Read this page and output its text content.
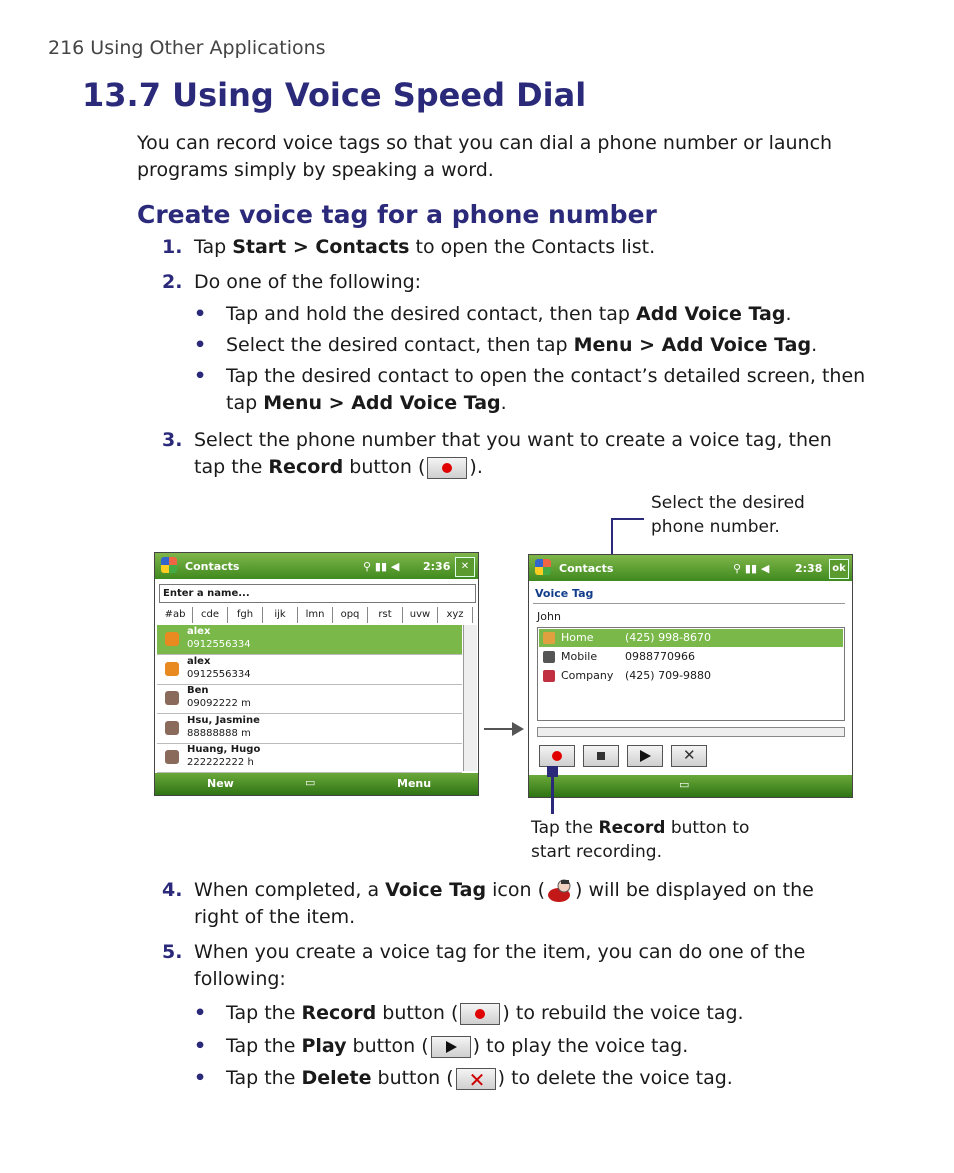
216 Using Other Applications
13.7 Using Voice Speed Dial
You can record voice tags so that you can dial a phone number or launch programs simply by speaking a word.
Create voice tag for a phone number
1. Tap Start > Contacts to open the Contacts list.
2. Do one of the following:
• Tap and hold the desired contact, then tap Add Voice Tag.
• Select the desired contact, then tap Menu > Add Voice Tag.
• Tap the desired contact to open the contact’s detailed screen, then tap Menu > Add Voice Tag.
3. Select the phone number that you want to create a voice tag, then tap the Record button ( ).
Select the desired phone number.
Contacts	⚲ ▮▮ ◀ 2:36	✕
Enter a name...
#ab	cde	fgh	ijk	lmn	opq	rst	uvw	xyz
alex
0912556334
alex
0912556334
Ben
09092222 m
Hsu, Jasmine
88888888 m
Huang, Hugo
222222222 h
New	▭	Menu
Contacts	⚲ ▮▮ ◀ 2:38 ok
Voice Tag
John
Home	(425) 998-8670
Mobile	0988770966
Company (425) 709-9880
✕
▭
Tap the Record button to start recording.
4. When completed, a Voice Tag icon ( ) will be displayed on the right of the item.
5. When you create a voice tag for the item, you can do one of the following:
• Tap the Record button ( ) to rebuild the voice tag.
• Tap the Play button ( ) to play the voice tag.
• Tap the Delete button ( ✕ ) to delete the voice tag.
